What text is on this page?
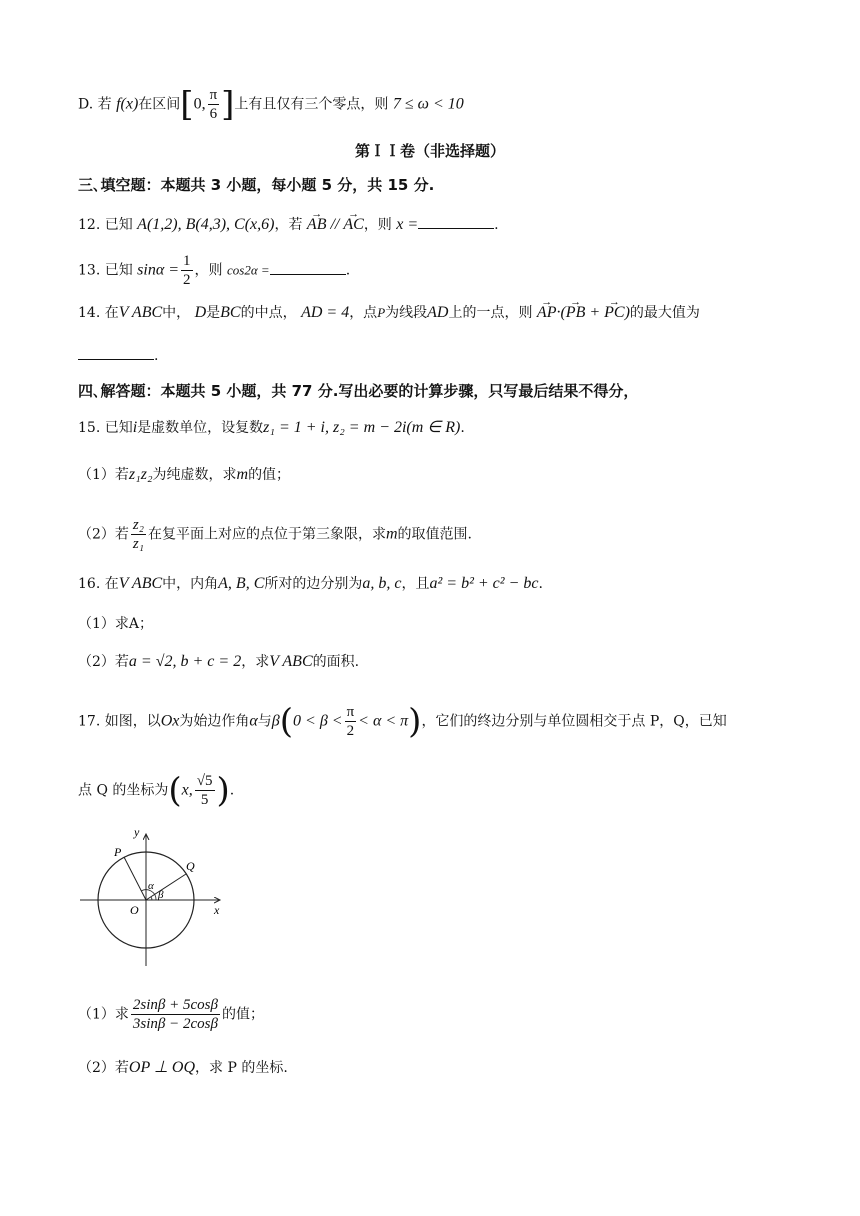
D. 若 f(x)在区间[0, $\frac{\pi}{6}$ ]上有且仅有三个零点，则 7 ≤ ω < 10
第ＩＩ卷（非选择题）
三､填空题：本题共 3 小题，每小题 5 分，共 15 分.
12. 已知 A(1,2), B(4,3), C(x,6)，若 → AB // → AC，则 x =	.
13. 已知 $\sin\alpha = \frac{1}{2}$ ，则 cos2α =	.
14. 在V ABC中， D是BC的中点， AD = 4，点P为线段AD上的一点，则 → AP·(→ PB + → PC)的最大值为
.
四､解答题：本题共 5 小题，共 77 分.写出必要的计算步骤，只写最后结果不得分，
15. 已知i是虚数单位，设复数z₁ = 1 + i, z₂ = m − 2i(m ∈ R).
（1）若z₁z₂为纯虚数，求m的值；
（2）若 $\frac{\text{z₂}}{\text{z₁}}$ 在复平面上对应的点位于第三象限，求m的取值范围.
16. 在V ABC中，内角A, B, C所对的边分别为a, b, c，且a² = b² + c² − bc.
（1）求A；
（2）若a = √2, b + c = 2，求V ABC的面积.
17. 如图，以Ox为始边作角α与$\beta(0 < \beta < \frac{\pi}{2} < \alpha < \pi)$，它们的终边分别与单位圆相交于点 P，Q，已知
点 Q 的坐标为(x, $\frac{√5}{5}$ ).
y
x
O
P
Q
α
β
（1）求 $\frac{2\sin\beta + 5\cos\beta}{3\sin\beta - 2\cos\beta}$ 的值；
（2）若OP ⊥ OQ，求 P 的坐标.
